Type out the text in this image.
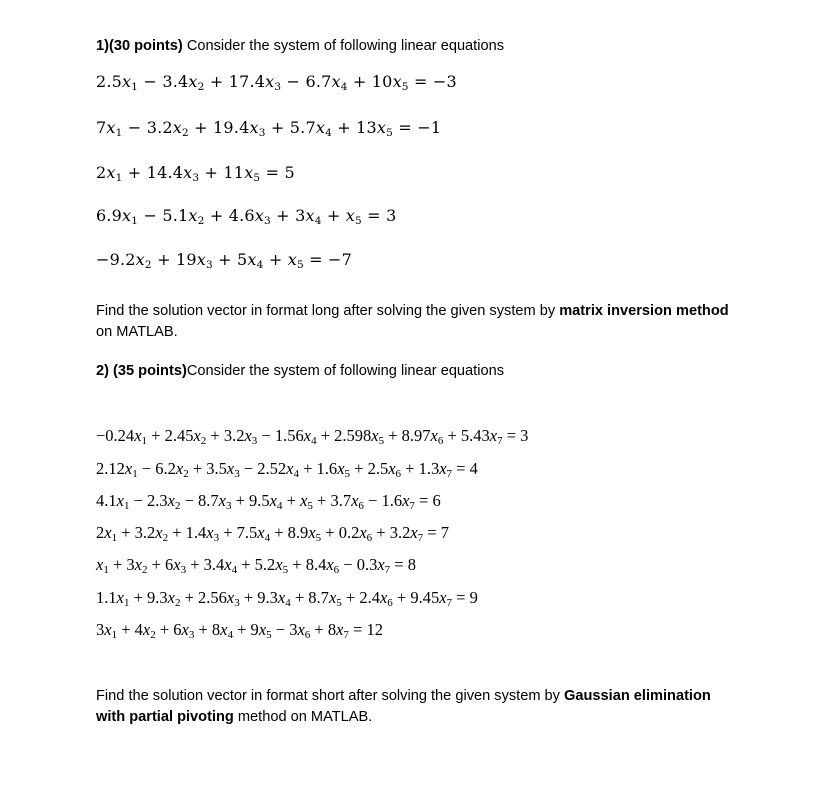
1)(30 points) Consider the system of following linear equations
$2.5x_1 - 3.4x_2 + 17.4x_3 - 6.7x_4 + 10x_5 = -3$
$7x_1 - 3.2x_2 + 19.4x_3 + 5.7x_4 + 13x_5 = -1$
$2x_1 + 14.4x_3 + 11x_5 = 5$
$6.9x_1 - 5.1x_2 + 4.6x_3 + 3x_4 + x_5 = 3$
$-9.2x_2 + 19x_3 + 5x_4 + x_5 = -7$
Find the solution vector in format long after solving the given system by matrix inversion method on MATLAB.
2) (35 points)Consider the system of following linear equations
$-0.24x_1 + 2.45x_2 + 3.2x_3 - 1.56x_4 + 2.598x_5 + 8.97x_6 + 5.43x_7 = 3$
$2.12x_1 - 6.2x_2 + 3.5x_3 - 2.52x_4 + 1.6x_5 + 2.5x_6 + 1.3x_7 = 4$
$4.1x_1 - 2.3x_2 - 8.7x_3 + 9.5x_4 + x_5 + 3.7x_6 - 1.6x_7 = 6$
$2x_1 + 3.2x_2 + 1.4x_3 + 7.5x_4 + 8.9x_5 + 0.2x_6 + 3.2x_7 = 7$
$x_1 + 3x_2 + 6x_3 + 3.4x_4 + 5.2x_5 + 8.4x_6 - 0.3x_7 = 8$
$1.1x_1 + 9.3x_2 + 2.56x_3 + 9.3x_4 + 8.7x_5 + 2.4x_6 + 9.45x_7 = 9$
$3x_1 + 4x_2 + 6x_3 + 8x_4 + 9x_5 - 3x_6 + 8x_7 = 12$
Find the solution vector in format short after solving the given system by Gaussian elimination with partial pivoting method on MATLAB.
